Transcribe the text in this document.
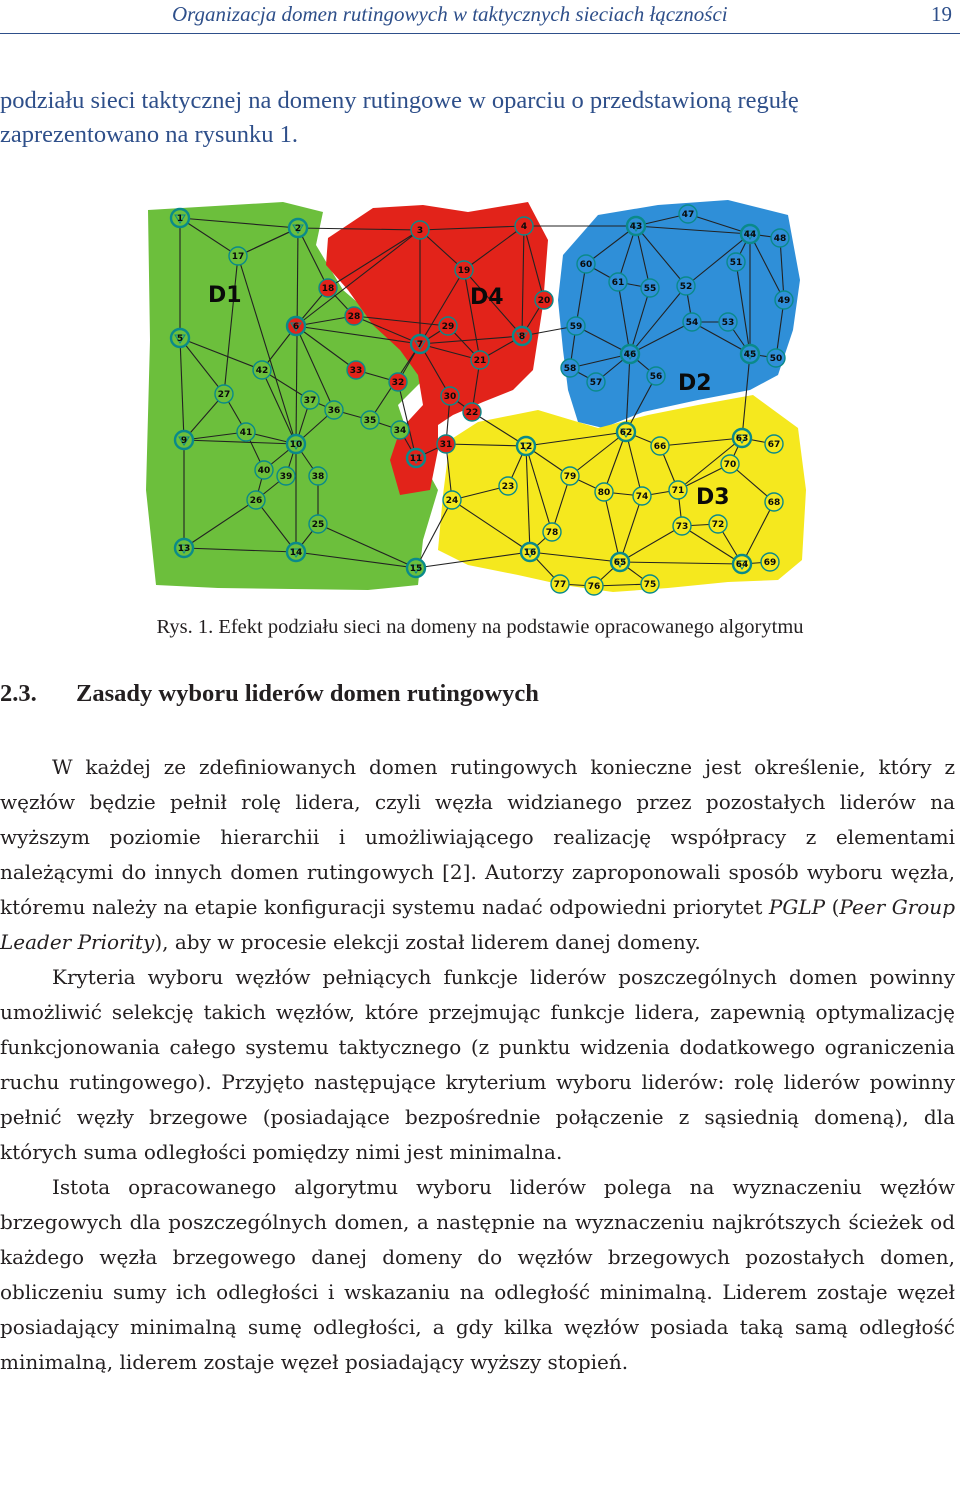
Organizacja domen rutingowych w taktycznych sieciach łączności	19

podziału sieci taktycznej na domeny rutingowe w oparciu o przedstawioną regułę zaprezentowano na rysunku 1.

1
2
17
5
27
42
9
41
37
36
10
40
39 38
26
25
13	14
15
35
34
3	4
18
19
20
6
28
29
7
8
33
32
21
30
22
11
31
47
43
44 48
60	51
61
55	52
49
59	54	53
46	45 50
58
56
57
62
63
67
66
12
70
79
23
80	74
71
68
24
73	72
78
16
65	64 69
77 76	75
D1	D4
D2
D3
Rys. 1. Efekt podziału sieci na domeny na podstawie opracowanego algorytmu
2.3. Zasady wyboru liderów domen rutingowych

W każdej ze zdefiniowanych domen rutingowych konieczne jest określenie, który z węzłów będzie pełnił rolę lidera, czyli węzła widzianego przez pozostałych liderów na wyższym poziomie hierarchii i umożliwiającego realizację współpracy z elementami należącymi do innych domen rutingowych [2]. Autorzy zaproponowali sposób wyboru węzła, któremu należy na etapie konfiguracji systemu nadać odpowiedni priorytet PGLP (Peer Group Leader Priority), aby w procesie elekcji został liderem danej domeny.

Kryteria wyboru węzłów pełniących funkcje liderów poszczególnych domen powinny umożliwić selekcję takich węzłów, które przejmując funkcje lidera, zapewnią optymalizację funkcjonowania całego systemu taktycznego (z punktu widzenia dodatkowego ograniczenia ruchu rutingowego). Przyjęto następujące kryterium wyboru liderów: rolę liderów powinny pełnić węzły brzegowe (posiadające bezpośrednie połączenie z sąsiednią domeną), dla których suma odległości pomiędzy nimi jest minimalna.

Istota opracowanego algorytmu wyboru liderów polega na wyznaczeniu węzłów brzegowych dla poszczególnych domen, a następnie na wyznaczeniu najkrótszych ścieżek od każdego węzła brzegowego danej domeny do węzłów brzegowych pozostałych domen, obliczeniu sumy ich odległości i wskazaniu na odległość minimalną. Liderem zostaje węzeł posiadający minimalną sumę odległości, a gdy kilka węzłów posiada taką samą odległość minimalną, liderem zostaje węzeł posiadający wyższy stopień.
